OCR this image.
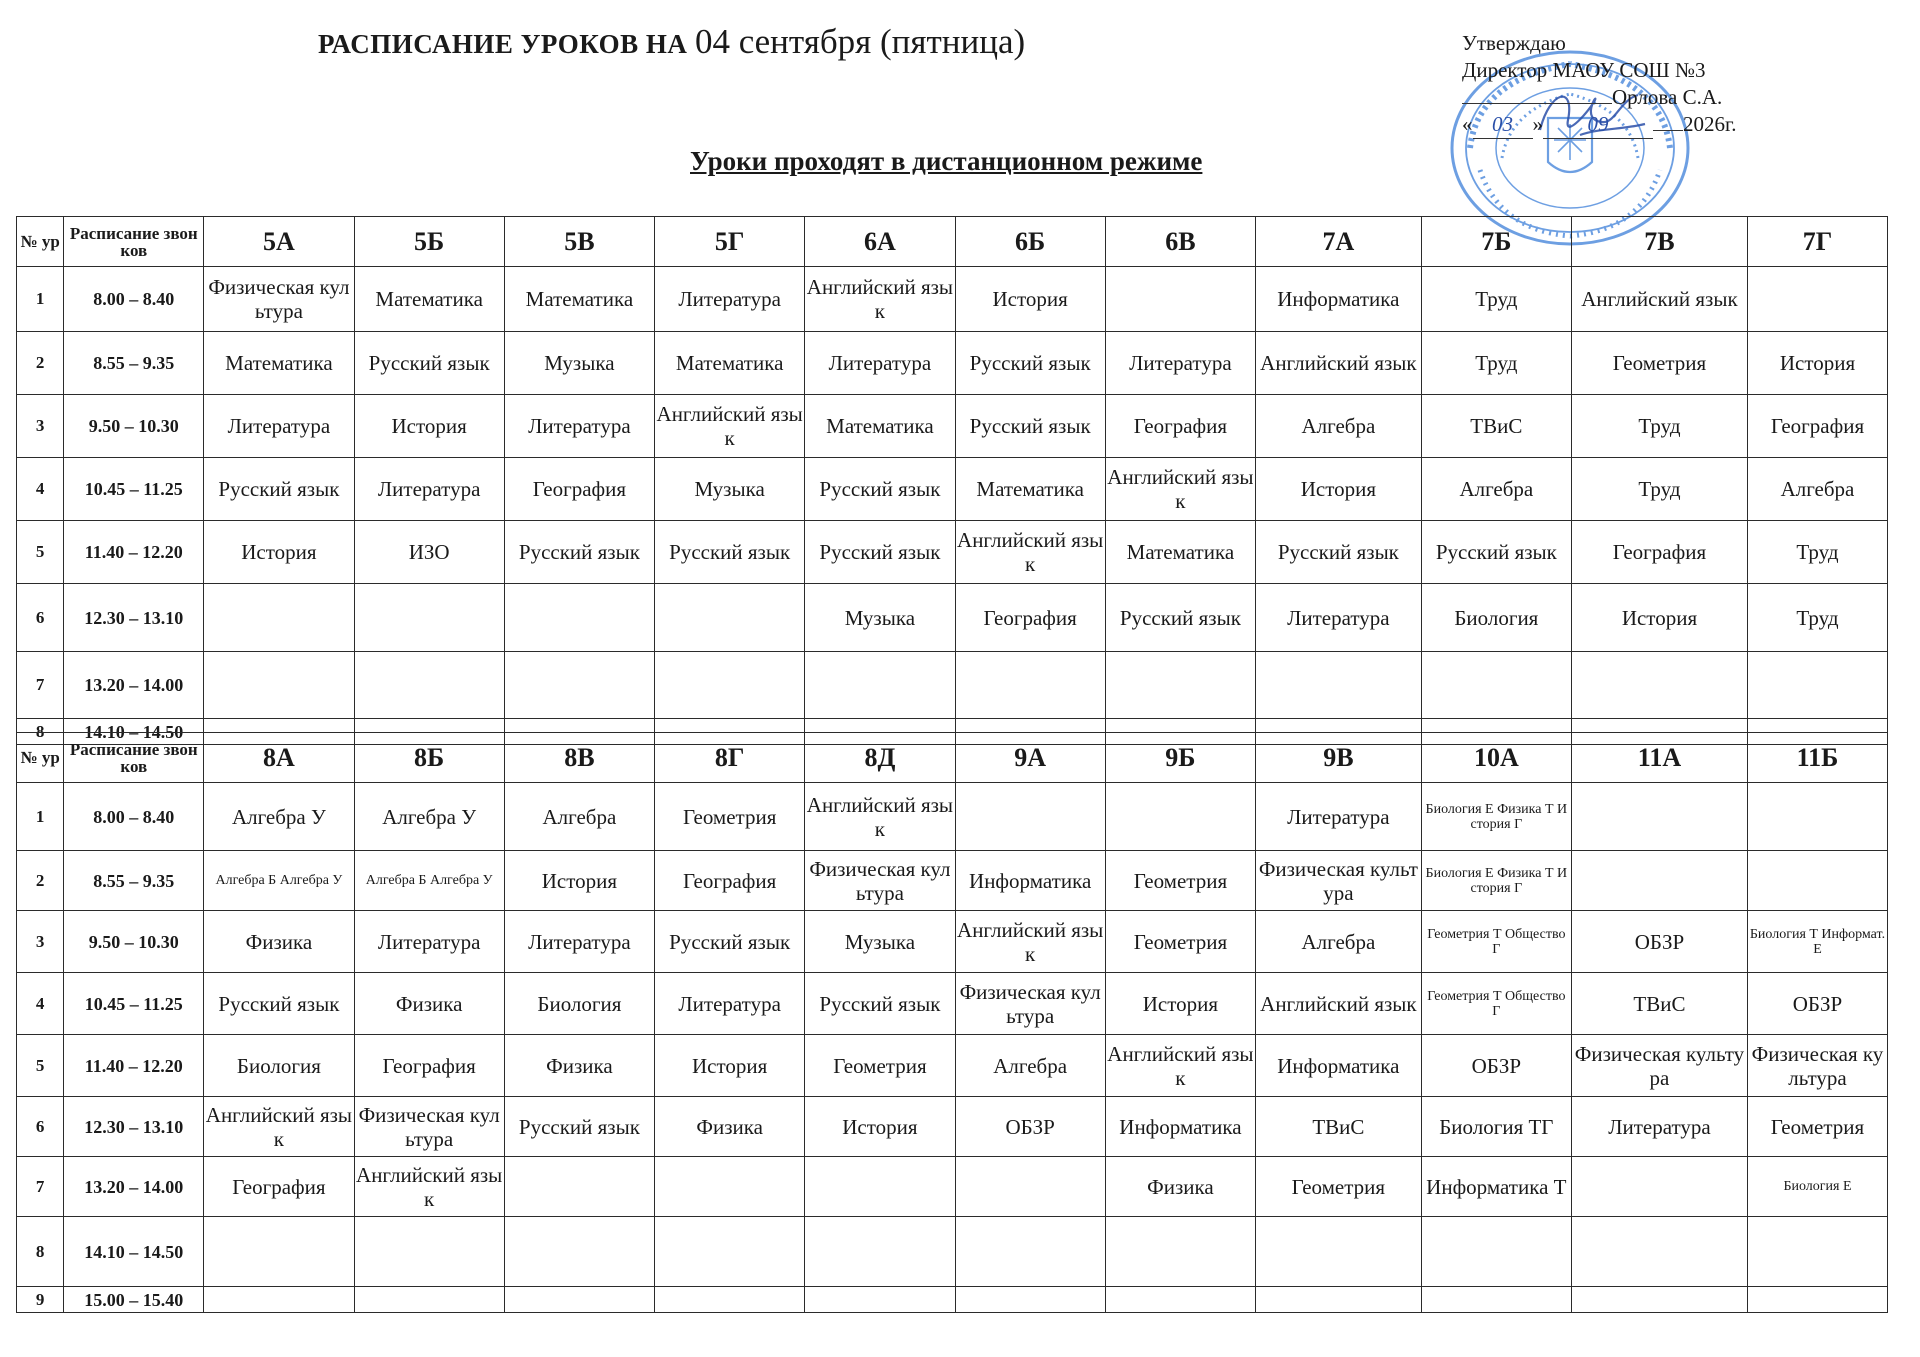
РАСПИСАНИЕ УРОКОВ НА 04 сентября (пятница)	Утверждаю
Директор МАОУ СОШ №3
Орлова С.А.
« 03 » 09	2026г.
Уроки проходят в дистанционном режиме
№ ур	Расписание звонков	5А	5Б	5В	5Г	6А	6Б	6В	7А	7Б	7В	7Г
1	8.00 – 8.40	Физическая культура	Математика	Математика	Литература	Английский язык	История		Информатика	Труд	Английский язык	
2	8.55 – 9.35	Математика	Русский язык	Музыка	Математика	Литература	Русский язык	Литература	Английский язык	Труд	Геометрия	История
3	9.50 – 10.30	Литература	История	Литература	Английский язык	Математика	Русский язык	География	Алгебра	ТВиС	Труд	География
4	10.45 – 11.25	Русский язык	Литература	География	Музыка	Русский язык	Математика	Английский язык	История	Алгебра	Труд	Алгебра
5	11.40 – 12.20	История	ИЗО	Русский язык	Русский язык	Русский язык	Английский язык	Математика	Русский язык	Русский язык	География	Труд
6	12.30 – 13.10					Музыка	География	Русский язык	Литература	Биология	История	Труд
7	13.20 – 14.00											
8	14.10 – 14.50											
№ ур	Расписание звонков	8А	8Б	8В	8Г	8Д	9А	9Б	9В	10А	11А	11Б
1	8.00 – 8.40	Алгебра У	Алгебра У	Алгебра	Геометрия	Английский язык			Литература	Биология Е Физика Т История Г		
2	8.55 – 9.35	Алгебра Б Алгебра У	Алгебра Б Алгебра У	История	География	Физическая культура	Информатика	Геометрия	Физическая культура	Биология Е Физика Т История Г		
3	9.50 – 10.30	Физика	Литература	Литература	Русский язык	Музыка	Английский язык	Геометрия	Алгебра	Геометрия Т Общество Г	ОБЗР	Биология Т Информат. Е
4	10.45 – 11.25	Русский язык	Физика	Биология	Литература	Русский язык	Физическая культура	История	Английский язык	Геометрия Т Общество Г	ТВиС	ОБЗР
5	11.40 – 12.20	Биология	География	Физика	История	Геометрия	Алгебра	Английский язык	Информатика	ОБЗР	Физическая культура	Физическая культура
6	12.30 – 13.10	Английский язык	Физическая культура	Русский язык	Физика	История	ОБЗР	Информатика	ТВиС	Биология ТГ	Литература	Геометрия
7	13.20 – 14.00	География	Английский язык					Физика	Геометрия	Информатика Т		Биология Е
8	14.10 – 14.50											
9	15.00 – 15.40											
